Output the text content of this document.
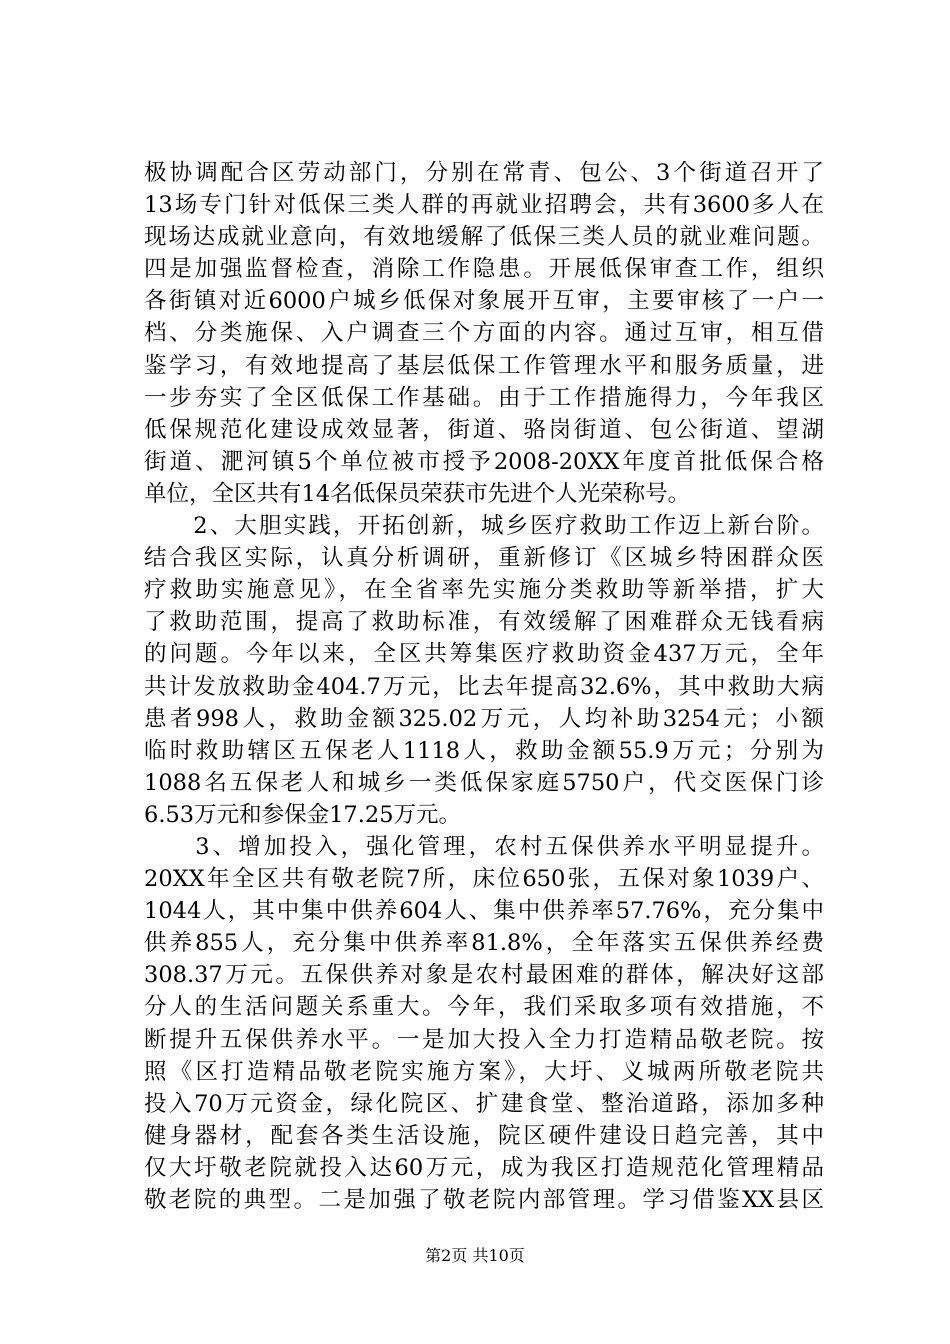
极协调配合区劳动部门，分别在常青、包公、3个街道召开了
13场专门针对低保三类人群的再就业招聘会，共有3600多人在
现场达成就业意向，有效地缓解了低保三类人员的就业难问题。
四是加强监督检查，消除工作隐患。开展低保审查工作，组织
各街镇对近6000户城乡低保对象展开互审，主要审核了一户一
档、分类施保、入户调查三个方面的内容。通过互审，相互借
鉴学习，有效地提高了基层低保工作管理水平和服务质量，进
一步夯实了全区低保工作基础。由于工作措施得力，今年我区
低保规范化建设成效显著，街道、骆岗街道、包公街道、望湖
街道、淝河镇5个单位被市授予2008-20XX年度首批低保合格
单位，全区共有14名低保员荣获市先进个人光荣称号。
　　2、大胆实践，开拓创新，城乡医疗救助工作迈上新台阶。
结合我区实际，认真分析调研，重新修订《区城乡特困群众医
疗救助实施意见》，在全省率先实施分类救助等新举措，扩大
了救助范围，提高了救助标准，有效缓解了困难群众无钱看病
的问题。今年以来，全区共筹集医疗救助资金437万元，全年
共计发放救助金404.7万元，比去年提高32.6%，其中救助大病
患者998人，救助金额325.02万元，人均补助3254元；小额
临时救助辖区五保老人1118人，救助金额55.9万元；分别为
1088名五保老人和城乡一类低保家庭5750户，代交医保门诊
6.53万元和参保金17.25万元。
　　3、增加投入，强化管理，农村五保供养水平明显提升。
20XX年全区共有敬老院7所，床位650张，五保对象1039户、
1044人，其中集中供养604人、集中供养率57.76%，充分集中
供养855人，充分集中供养率81.8%，全年落实五保供养经费
308.37万元。五保供养对象是农村最困难的群体，解决好这部
分人的生活问题关系重大。今年，我们采取多项有效措施，不
断提升五保供养水平。一是加大投入全力打造精品敬老院。按
照《区打造精品敬老院实施方案》，大圩、义城两所敬老院共
投入70万元资金，绿化院区、扩建食堂、整治道路，添加多种
健身器材，配套各类生活设施，院区硬件建设日趋完善，其中
仅大圩敬老院就投入达60万元，成为我区打造规范化管理精品
敬老院的典型。二是加强了敬老院内部管理。学习借鉴XX县区
第2页 共10页
